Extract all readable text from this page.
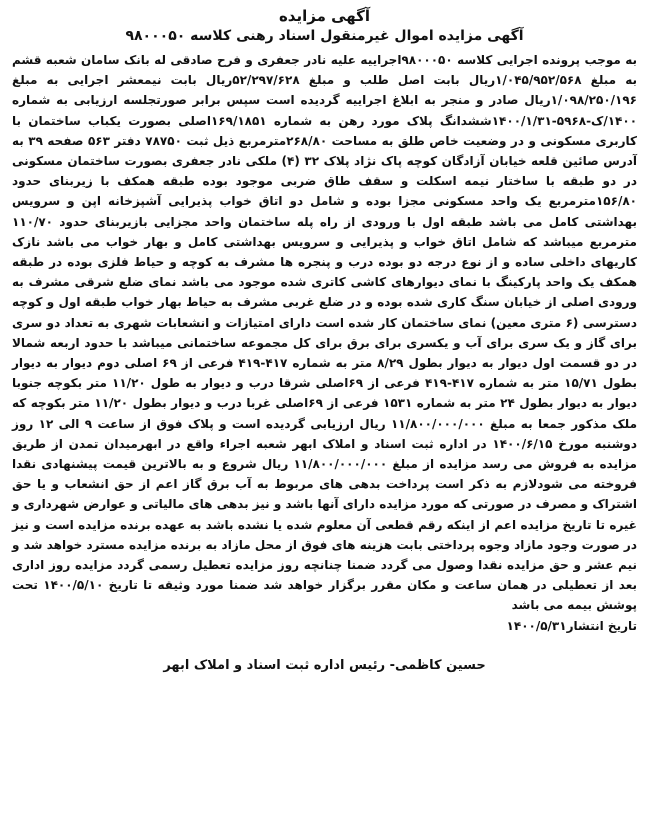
آگهی مزایده
آگهی مزایده اموال غیرمنقول اسناد رهنی کلاسه ۹۸۰۰۰۵۰
به موجب پرونده اجرایی کلاسه ۹۸۰۰۰۵۰اجراییه علیه نادر جعفری و فرح صادقی له بانک سامان شعبه قشم به مبلغ ۱/۰۴۵/۹۵۲/۵۶۸ریال بابت اصل طلب و مبلغ ۵۲/۲۹۷/۶۲۸ریال بابت نیمعشر اجرایی به مبلغ ۱/۰۹۸/۲۵۰/۱۹۶ریال صادر و منجر به ابلاغ اجراییه گردیده است سپس برابر صورتجلسه ارزیابی به شماره ۱۴۰۰/ک-۵۹۶۸-۱۴۰۰/۱/۳۱ششدانگ پلاک مورد رهن به شماره ۱۶۹/۱۸۵۱اصلی بصورت یکباب ساختمان با کاربری مسکونی و در وضعیت خاص طلق به مساحت ۲۶۸/۸۰مترمربع ذیل ثبت ۷۸۷۵۰ دفتر ۵۶۳ صفحه ۳۹ به آدرس صائین قلعه خیابان آزادگان کوچه پاک نژاد پلاک ۳۲ (۴) ملکی نادر جعفری بصورت ساختمان مسکونی در دو طبقه با ساختار نیمه اسکلت و سقف طاق ضربی موجود بوده طبقه همکف با زیربنای حدود ۱۵۶/۸۰مترمربع یک واحد مسکونی مجزا بوده و شامل دو اتاق خواب پذیرایی آشپزخانه اپن و سرویس بهداشتی کامل می باشد طبقه اول با ورودی از راه پله ساختمان واحد مجزایی بازیربنای حدود ۱۱۰/۷۰ مترمربع میباشد که شامل اتاق خواب و پذیرایی و سرویس بهداشتی کامل و بهار خواب می باشد نازک کاریهای داخلی ساده و از نوع درجه دو بوده درب و پنجره ها مشرف به کوچه و حیاط فلزی بوده در طبقه همکف یک واحد پارکینگ با نمای دیوارهای کاشی کاتری شده موجود می باشد نمای ضلع شرقی مشرف به ورودی اصلی از خیابان سنگ کاری شده بوده و در ضلع غربی مشرف به حیاط بهار خواب طبقه اول و کوچه دسترسی (۶ متری معین) نمای ساختمان کار شده است دارای امتیازات و انشعابات شهری به تعداد دو سری برای گاز و یک سری برای آب و یکسری برای برق برای کل مجموعه ساختمانی میباشد با حدود اربعه شمالا در دو قسمت اول دیوار به دیوار بطول ۸/۲۹ متر به شماره ۴۱۷-۴۱۹ فرعی از ۶۹ اصلی دوم دیوار به دیوار بطول ۱۵/۷۱ متر به شماره ۴۱۷-۴۱۹ فرعی از ۶۹اصلی شرقا درب و دیوار به طول ۱۱/۲۰ متر بکوچه جنوبا دیوار به دیوار بطول ۲۴ متر به شماره ۱۵۳۱ فرعی از ۶۹اصلی غربا درب و دیوار بطول ۱۱/۲۰ متر بکوچه که ملک مذکور جمعا به مبلغ ۱۱/۸۰۰/۰۰۰/۰۰۰ ریال ارزیابی گردیده است و پلاک فوق از ساعت ۹ الی ۱۲ روز دوشنبه مورخ ۱۴۰۰/۶/۱۵ در اداره ثبت اسناد و املاک ابهر شعبه اجراء واقع در ابهرمیدان تمدن از طریق مزایده به فروش می رسد مزایده از مبلغ ۱۱/۸۰۰/۰۰۰/۰۰۰ ریال شروع و به بالاترین قیمت پیشنهادی نقدا فروخته می شودلازم به ذکر است پرداخت بدهی های مربوط به آب برق گاز اعم از حق انشعاب و یا حق اشتراک و مصرف در صورتی که مورد مزایده دارای آنها باشد و نیز بدهی های مالیاتی و عوارض شهرداری و غیره تا تاریخ مزایده اعم از اینکه رقم قطعی آن معلوم شده یا نشده باشد به عهده برنده مزایده است و نیز در صورت وجود مازاد وجوه پرداختی بابت هزینه های فوق از محل مازاد به برنده مزایده مسترد خواهد شد و نیم عشر و حق مزایده نقدا وصول می گردد ضمنا چنانچه روز مزایده تعطیل رسمی گردد مزایده روز اداری بعد از تعطیلی در همان ساعت و مکان مقرر برگزار خواهد شد ضمنا مورد وثیقه تا تاریخ ۱۴۰۰/۵/۱۰ تحت پوشش بیمه می باشد
تاریخ انتشار۱۴۰۰/۵/۳۱
حسین کاظمی- رئیس اداره ثبت اسناد و املاک ابهر
